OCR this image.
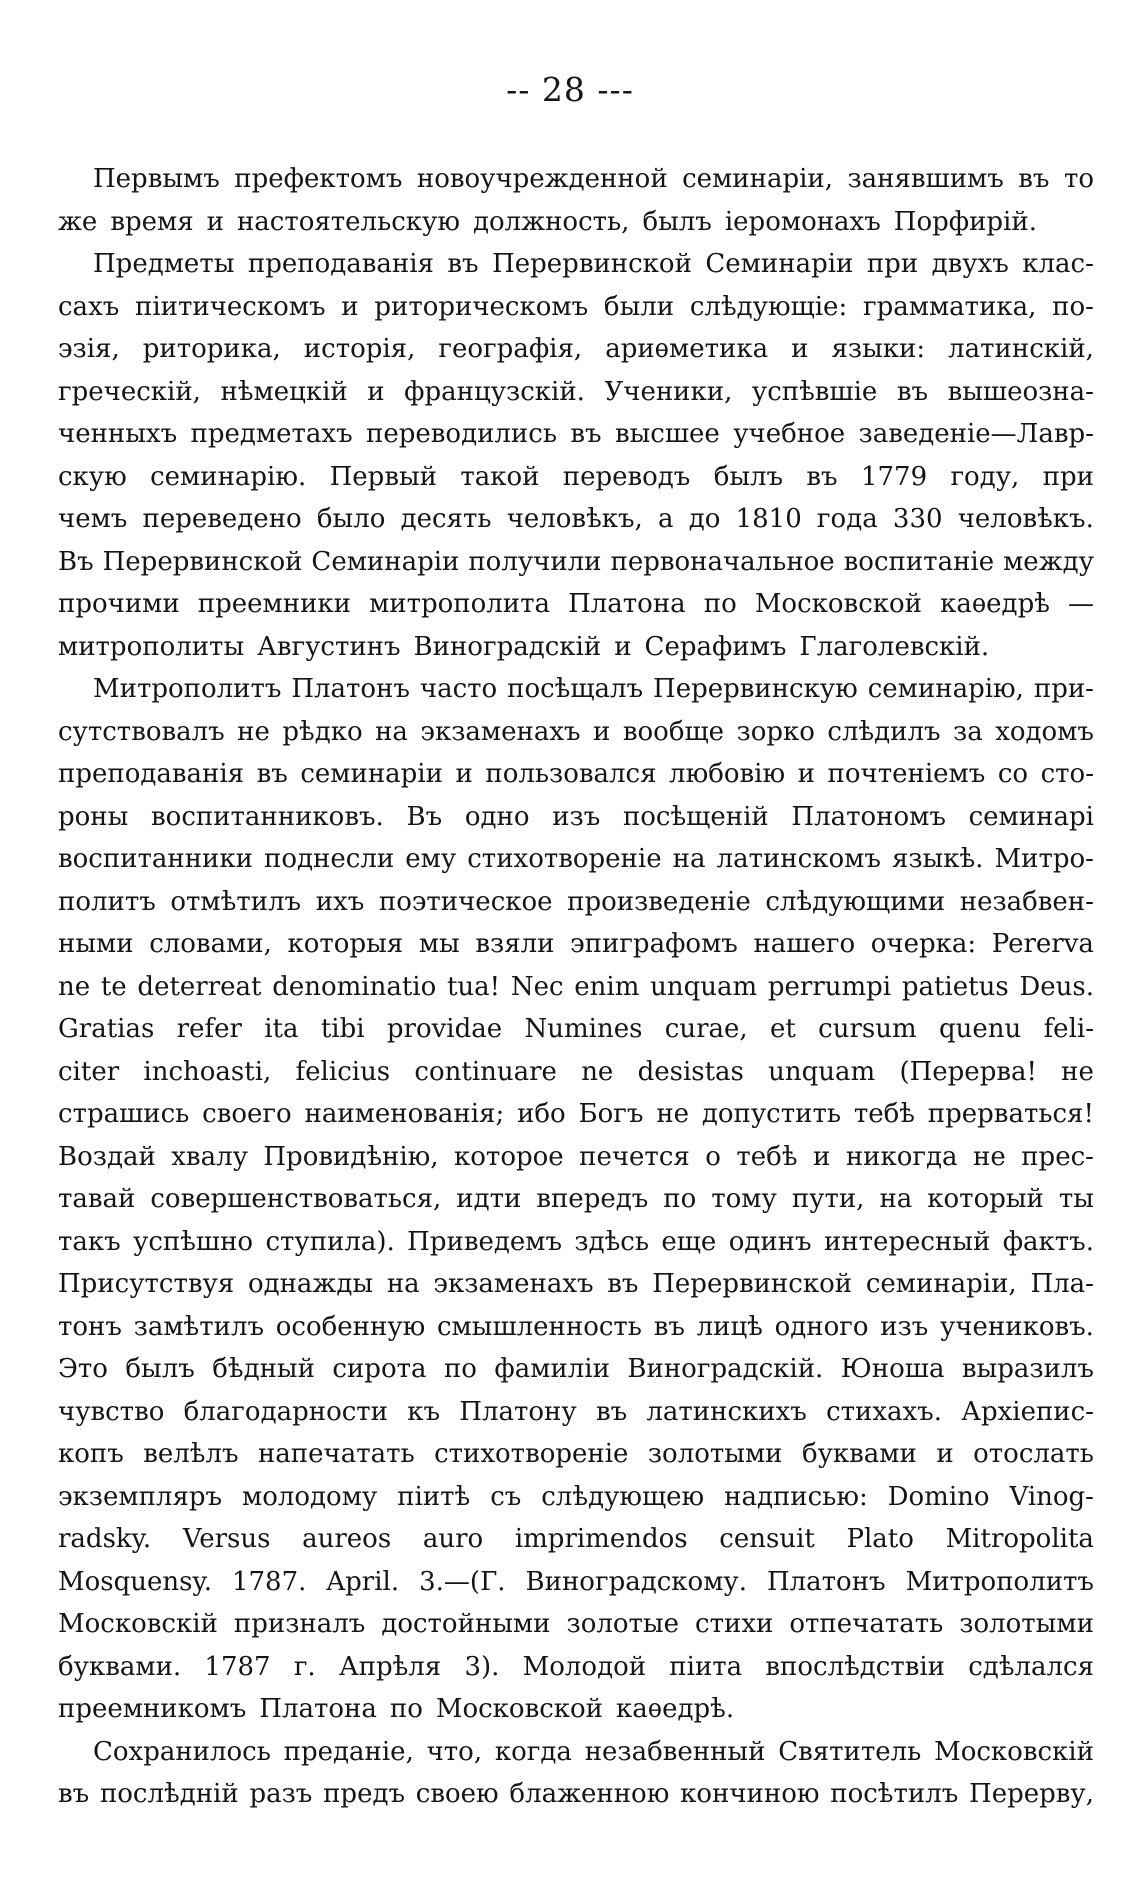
-- 28 ---
Первымъ префектомъ новоучрежденной семинаріи, занявшимъ въ то
же время и настоятельскую должность, былъ іеромонахъ Порфирій.
Предметы преподаванія въ Перервинской Семинаріи при двухъ клас-
сахъ піитическомъ и риторическомъ были слѣдующіе: грамматика, по-
эзія, риторика, исторія, географія, ариѳметика и языки: латинскій,
греческій, нѣмецкій и французскій. Ученики, успѣвшіе въ вышеозна-
ченныхъ предметахъ переводились въ высшее учебное заведеніе—Лавр-
скую семинарію. Первый такой переводъ былъ въ 1779 году, при
чемъ переведено было десять человѣкъ, а до 1810 года 330 человѣкъ.
Въ Перервинской Семинаріи получили первоначальное воспитаніе между
прочими преемники митрополита Платона по Московской каѳедрѣ —
митрополиты Августинъ Виноградскій и Серафимъ Глаголевскій.
Митрополитъ Платонъ часто посѣщалъ Перервинскую семинарію, при-
сутствовалъ не рѣдко на экзаменахъ и вообще зорко слѣдилъ за ходомъ
преподаванія въ семинаріи и пользовался любовію и почтеніемъ со сто-
роны воспитанниковъ. Въ одно изъ посѣщеній Платономъ семинарі
воспитанники поднесли ему стихотвореніе на латинскомъ языкѣ. Митро-
политъ отмѣтилъ ихъ поэтическое произведеніе слѣдующими незабвен-
ными словами, которыя мы взяли эпиграфомъ нашего очерка: Pererva
ne te deterreat denominatio tua! Nec enim unquam perrumpi patietus Deus.
Gratias refer ita tibi providae Numines curae, et cursum quenu feli-
citer inchoasti, felicius continuare ne desistas unquam (Перерва! не
страшись своего наименованія; ибо Богъ не допустить тебѣ прерваться!
Воздай хвалу Провидѣнію, которое печется о тебѣ и никогда не прес-
тавай совершенствоваться, идти впередъ по тому пути, на который ты
такъ успѣшно ступила). Приведемъ здѣсь еще одинъ интересный фактъ.
Присутствуя однажды на экзаменахъ въ Перервинской семинаріи, Пла-
тонъ замѣтилъ особенную смышленность въ лицѣ одного изъ учениковъ.
Это былъ бѣдный сирота по фамиліи Виноградскій. Юноша выразилъ
чувство благодарности къ Платону въ латинскихъ стихахъ. Архіепис-
копъ велѣлъ напечатать стихотвореніе золотыми буквами и отослать
экземпляръ молодому піитѣ съ слѣдующею надписью: Domino Vinog-
radsky. Versus aureos auro imprimendos censuit Plato Mitropolita
Mosquensy. 1787. April. 3.—(Г. Виноградскому. Платонъ Митрополитъ
Московскій призналъ достойными золотые стихи отпечатать золотыми
буквами. 1787 г. Апрѣля 3). Молодой піита впослѣдствіи сдѣлался
преемникомъ Платона по Московской каѳедрѣ.
Сохранилось преданіе, что, когда незабвенный Святитель Московскій
въ послѣдній разъ предъ своею блаженною кончиною посѣтилъ Перерву,
